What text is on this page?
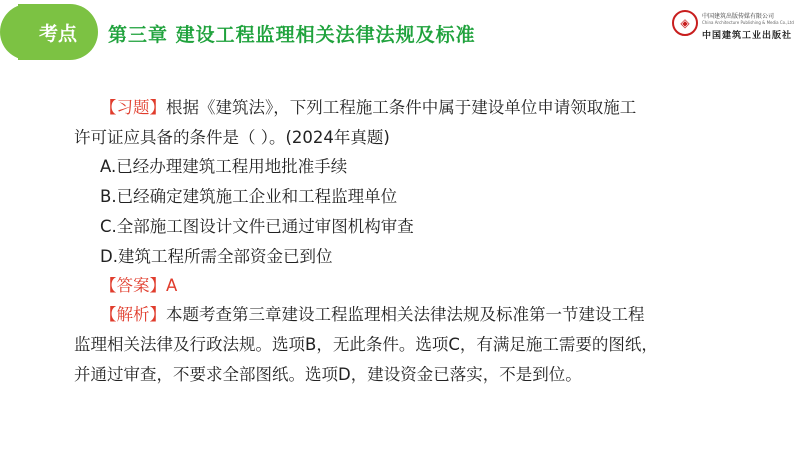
考点 第三章 建设工程监理相关法律法规及标准
◈	中国建筑出版传媒有限公司
China Architecture Publishing & Media Co.,Ltd
中国建筑工业出版社
【习题】根据《建筑法》，下列工程施工条件中属于建设单位申请领取施工
许可证应具备的条件是（ ）。(2024年真题)
A.已经办理建筑工程用地批准手续
B.已经确定建筑施工企业和工程监理单位
C.全部施工图设计文件已通过审图机构审查
D.建筑工程所需全部资金已到位
【答案】A
【解析】本题考查第三章建设工程监理相关法律法规及标准第一节建设工程
监理相关法律及行政法规。选项B，无此条件。选项C，有满足施工需要的图纸，
并通过审查，不要求全部图纸。选项D，建设资金已落实，不是到位。
